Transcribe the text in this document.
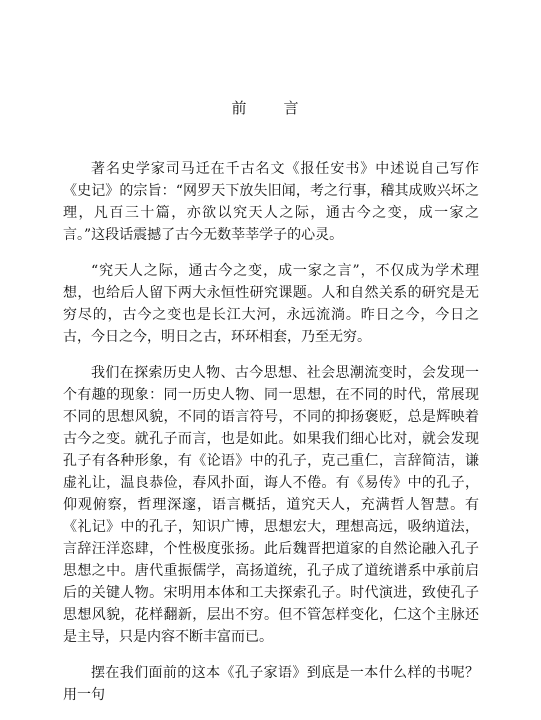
前　言

著名史学家司马迁在千古名文《报任安书》中述说自己写作《史记》的宗旨：“网罗天下放失旧闻，考之行事，稽其成败兴坏之理，凡百三十篇，亦欲以究天人之际，通古今之变，成一家之言。”这段话震撼了古今无数莘莘学子的心灵。

“究天人之际，通古今之变，成一家之言”，不仅成为学术理想，也给后人留下两大永恒性研究课题。人和自然关系的研究是无穷尽的，古今之变也是长江大河，永远流淌。昨日之今，今日之古，今日之今，明日之古，环环相套，乃至无穷。

我们在探索历史人物、古今思想、社会思潮流变时，会发现一个有趣的现象：同一历史人物、同一思想，在不同的时代，常展现不同的思想风貌，不同的语言符号，不同的抑扬褒贬，总是辉映着古今之变。就孔子而言，也是如此。如果我们细心比对，就会发现孔子有各种形象，有《论语》中的孔子，克己重仁，言辞简洁，谦虚礼让，温良恭俭，春风扑面，诲人不倦。有《易传》中的孔子，仰观俯察，哲理深邃，语言概括，道究天人，充满哲人智慧。有《礼记》中的孔子，知识广博，思想宏大，理想高远，吸纳道法，言辞汪洋恣肆，个性极度张扬。此后魏晋把道家的自然论融入孔子思想之中。唐代重振儒学，高扬道统，孔子成了道统谱系中承前启后的关键人物。宋明用本体和工夫探索孔子。时代演进，致使孔子思想风貌，花样翻新，层出不穷。但不管怎样变化，仁这个主脉还是主导，只是内容不断丰富而已。

摆在我们面前的这本《孔子家语》到底是一本什么样的书呢？用一句
